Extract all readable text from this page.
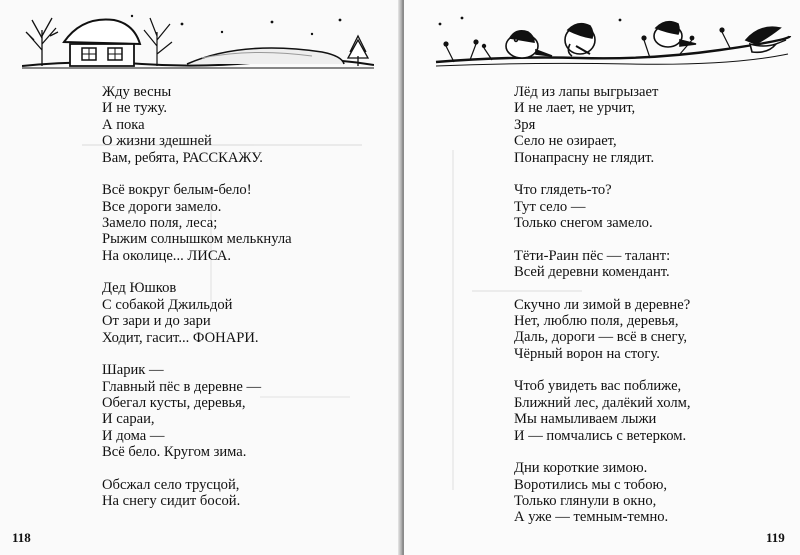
Жду весны
И не тужу.
А пока
О жизни здешней
Вам, ребята, РАССКАЖУ.
Всё вокруг белым-бело!
Все дороги замело.
Замело поля, леса;
Рыжим солнышком мелькнула
На околице... ЛИСА.
Дед Юшков
С собакой Джильдой
От зари и до зари
Ходит, гасит... ФОНАРИ.
Шарик —
Главный пёс в деревне —
Обегал кусты, деревья,
И сараи,
И дома —
Всё бело. Кругом зима.
Обсжал село трусцой,
На снегу сидит босой.
118
Лёд из лапы выгрызает
И не лает, не урчит,
Зря
Село не озирает,
Понапрасну не глядит.
Что глядеть-то?
Тут село —
Только снегом замело.
Тёти-Раин пёс — талант:
Всей деревни комендант.
Скучно ли зимой в деревне?
Нет, люблю поля, деревья,
Даль, дороги — всё в снегу,
Чёрный ворон на стогу.
Чтоб увидеть вас поближе,
Ближний лес, далёкий холм,
Мы намыливаем лыжи
И — помчались с ветерком.
Дни короткие зимою.
Воротились мы с тобою,
Только глянули в окно,
А уже — темным-темно.
119
